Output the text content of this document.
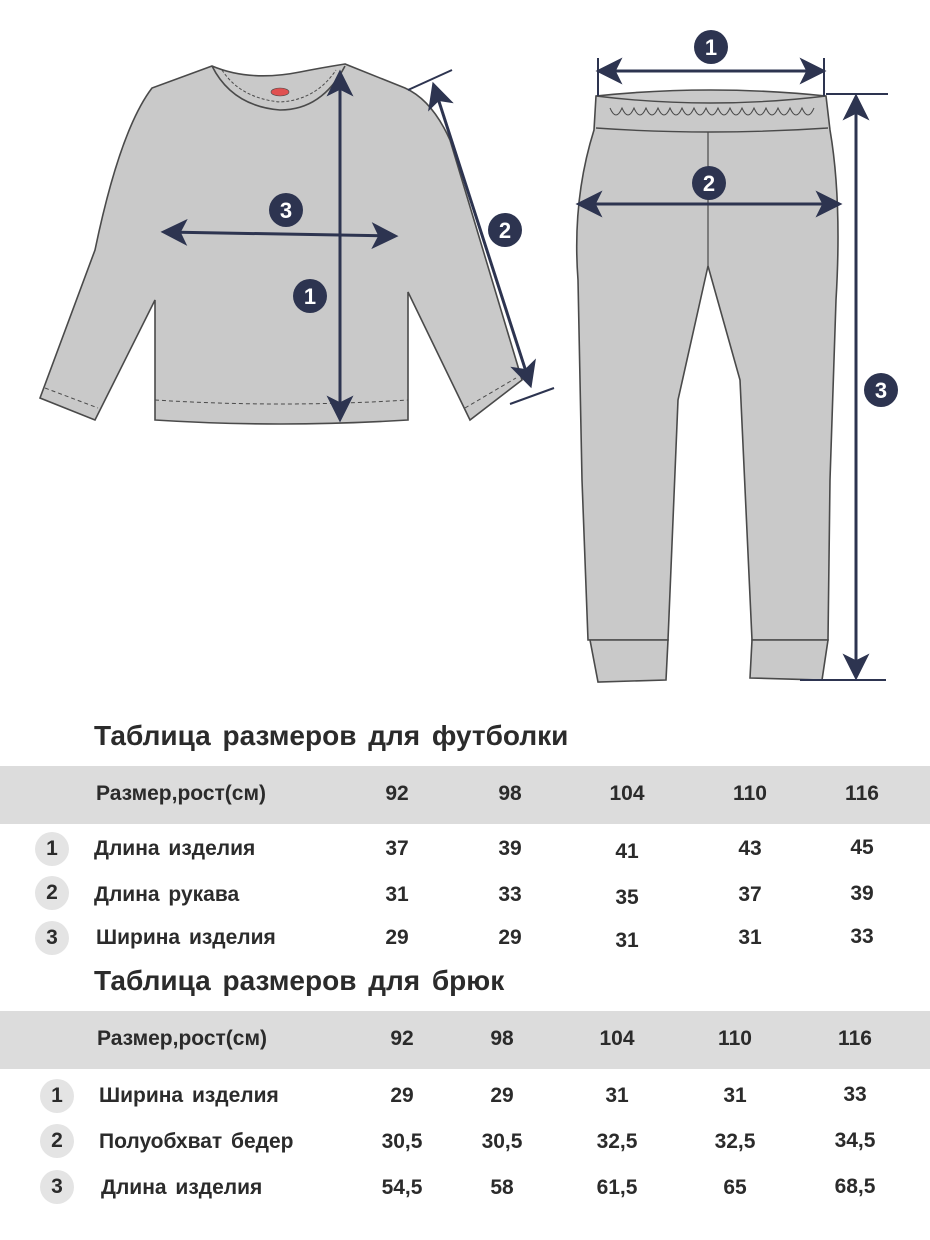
1
2
3
1
2
3
Таблица размеров для футболки
Размер,рост(см)	92	98	104	110	116
1	Длина изделия	37	39	41	43	45
2	Длина рукава	31	33	35	37	39
3	Ширина изделия	29	29	31	31	33
Таблица размеров для брюк
Размер,рост(см)	92	98	104	110	116
1	Ширина изделия	29	29	31	31	33
2	Полуобхват бедер	30,5	30,5	32,5	32,5	34,5
3	Длина изделия	54,5	58	61,5	65	68,5
